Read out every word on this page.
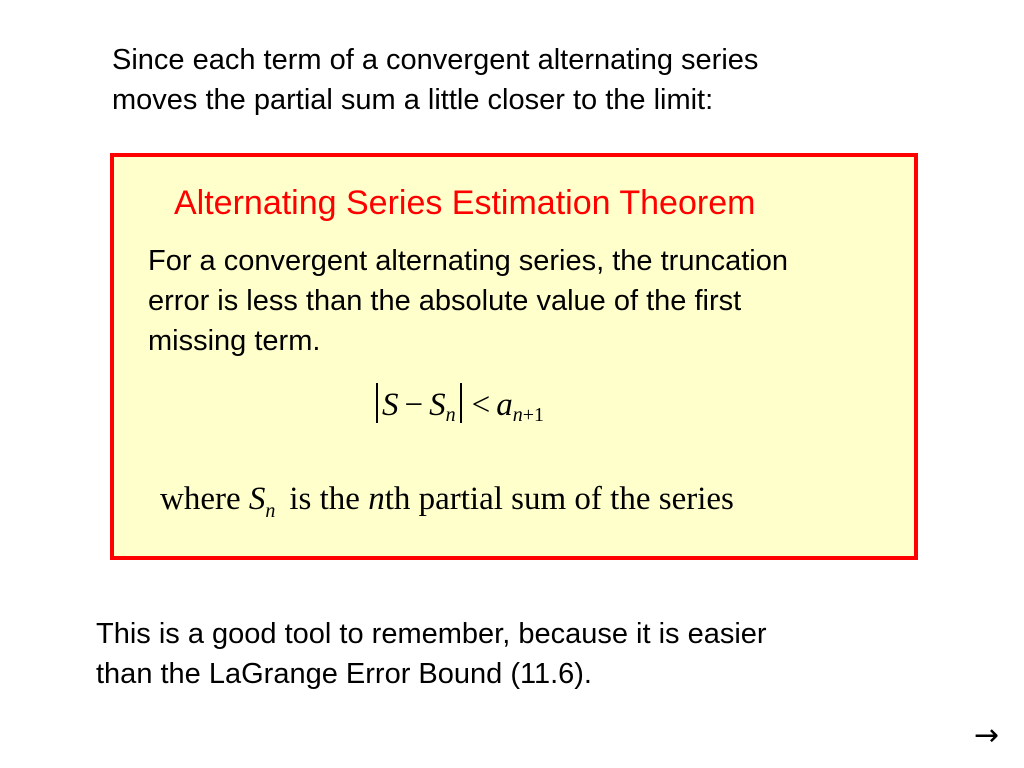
Since each term of a convergent alternating series
moves the partial sum a little closer to the limit:
Alternating Series Estimation Theorem
For a convergent alternating series, the truncation
error is less than the absolute value of the first
missing term.
$S - S_n < a_{n+1}$
where $S_n$ is the nth partial sum of the series
This is a good tool to remember, because it is easier
than the LaGrange Error Bound (11.6).
→
